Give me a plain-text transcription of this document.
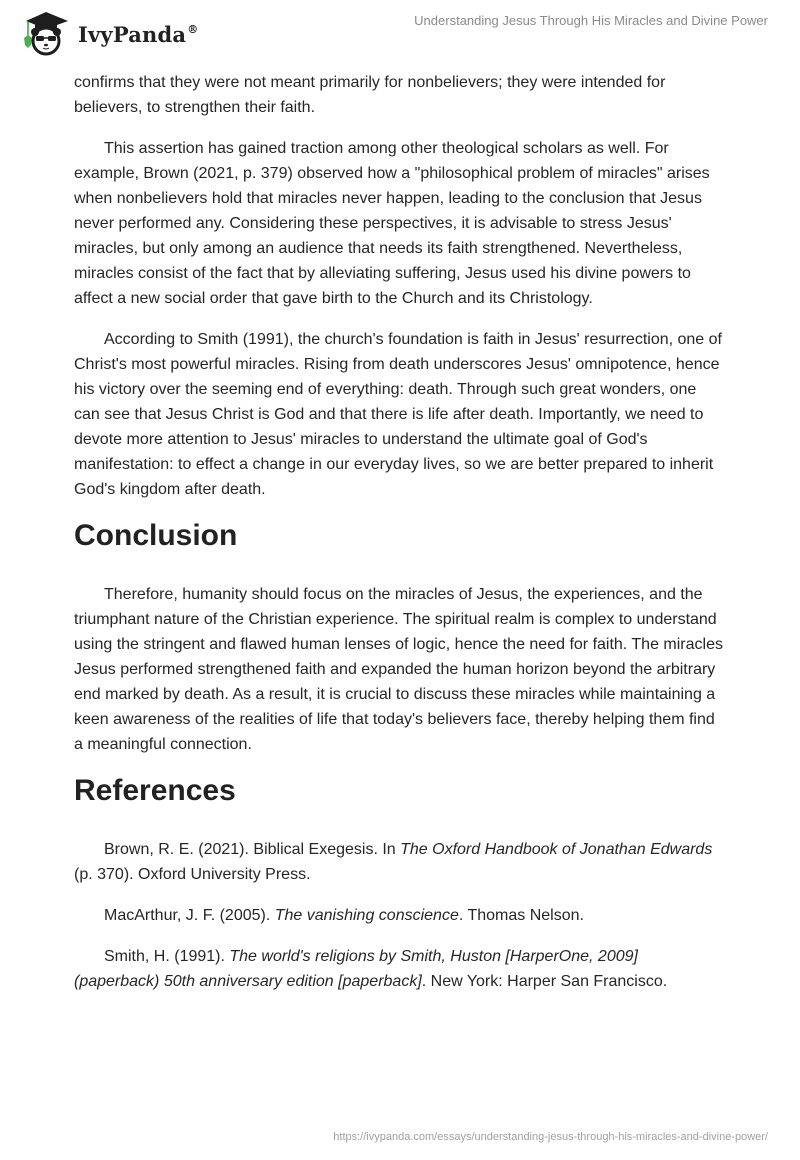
IvyPanda®
Understanding Jesus Through His Miracles and Divine Power

confirms that they were not meant primarily for nonbelievers; they were intended for believers, to strengthen their faith.

This assertion has gained traction among other theological scholars as well. For example, Brown (2021, p. 379) observed how a "philosophical problem of miracles" arises when nonbelievers hold that miracles never happen, leading to the conclusion that Jesus never performed any. Considering these perspectives, it is advisable to stress Jesus' miracles, but only among an audience that needs its faith strengthened. Nevertheless, miracles consist of the fact that by alleviating suffering, Jesus used his divine powers to affect a new social order that gave birth to the Church and its Christology.

According to Smith (1991), the church's foundation is faith in Jesus' resurrection, one of Christ's most powerful miracles. Rising from death underscores Jesus' omnipotence, hence his victory over the seeming end of everything: death. Through such great wonders, one can see that Jesus Christ is God and that there is life after death. Importantly, we need to devote more attention to Jesus' miracles to understand the ultimate goal of God's manifestation: to effect a change in our everyday lives, so we are better prepared to inherit God's kingdom after death.

Conclusion

Therefore, humanity should focus on the miracles of Jesus, the experiences, and the triumphant nature of the Christian experience. The spiritual realm is complex to understand using the stringent and flawed human lenses of logic, hence the need for faith. The miracles Jesus performed strengthened faith and expanded the human horizon beyond the arbitrary end marked by death. As a result, it is crucial to discuss these miracles while maintaining a keen awareness of the realities of life that today's believers face, thereby helping them find a meaningful connection.

References

Brown, R. E. (2021). Biblical Exegesis. In The Oxford Handbook of Jonathan Edwards (p. 370). Oxford University Press.

MacArthur, J. F. (2005). The vanishing conscience. Thomas Nelson.

Smith, H. (1991). The world's religions by Smith, Huston [HarperOne, 2009] (paperback) 50th anniversary edition [paperback]. New York: Harper San Francisco.

https://ivypanda.com/essays/understanding-jesus-through-his-miracles-and-divine-power/
